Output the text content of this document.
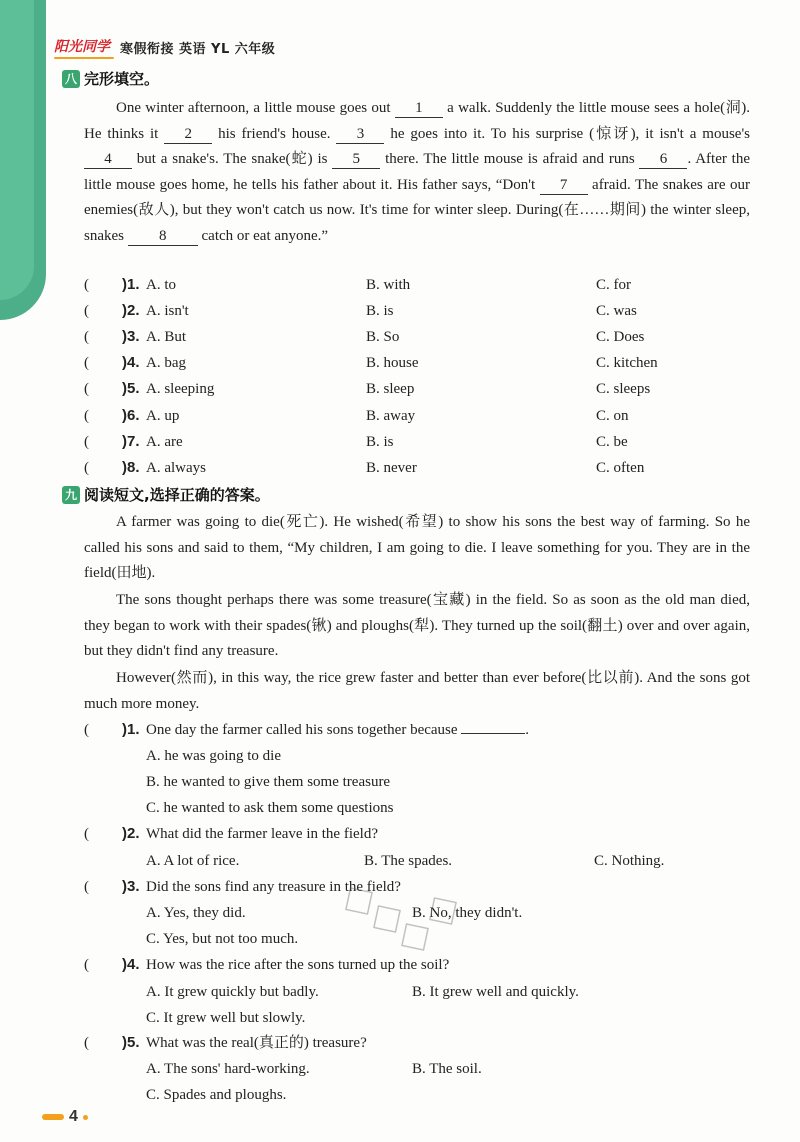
阳光同学 寒假衔接 英语 YL 六年级
八 完形填空。
One winter afternoon, a little mouse goes out 1 a walk. Suddenly the little mouse sees a hole(洞). He thinks it 2 his friend's house. 3 he goes into it. To his surprise (惊讶), it isn't a mouse's 4 but a snake's. The snake(蛇) is 5 there. The little mouse is afraid and runs 6 . After the little mouse goes home, he tells his father about it. His father says, “Don't 7 afraid. The snakes are our enemies(敌人), but they won't catch us now. It's time for winter sleep. During(在……期间) the winter sleep, snakes 8 catch or eat anyone.”
( )1. A. to	B. with	C. for
( )2. A. isn't	B. is	C. was
( )3. A. But	B. So	C. Does
( )4. A. bag	B. house	C. kitchen
( )5. A. sleeping	B. sleep	C. sleeps
( )6. A. up	B. away	C. on
( )7. A. are	B. is	C. be
( )8. A. always	B. never	C. often
九 阅读短文,选择正确的答案。
A farmer was going to die(死亡). He wished(希望) to show his sons the best way of farming. So he called his sons and said to them, “My children, I am going to die. I leave something for you. They are in the field(田地).
The sons thought perhaps there was some treasure(宝藏) in the field. So as soon as the old man died, they began to work with their spades(锹) and ploughs(犁). They turned up the soil(翻土) over and over again, but they didn't find any treasure.
However(然而), in this way, the rice grew faster and better than ever before(比以前). And the sons got much more money.
( )1. One day the farmer called his sons together because	.
A. he was going to die
B. he wanted to give them some treasure
C. he wanted to ask them some questions
( )2. What did the farmer leave in the field?
A. A lot of rice.	B. The spades.	C. Nothing.
( )3. Did the sons find any treasure in the field?
A. Yes, they did.	B. No, they didn't.
C. Yes, but not too much.
( )4. How was the rice after the sons turned up the soil?
A. It grew quickly but badly.	B. It grew well and quickly.
C. It grew well but slowly.
( )5. What was the real(真正的) treasure?
A. The sons' hard-working.	B. The soil.
C. Spades and ploughs.
4
